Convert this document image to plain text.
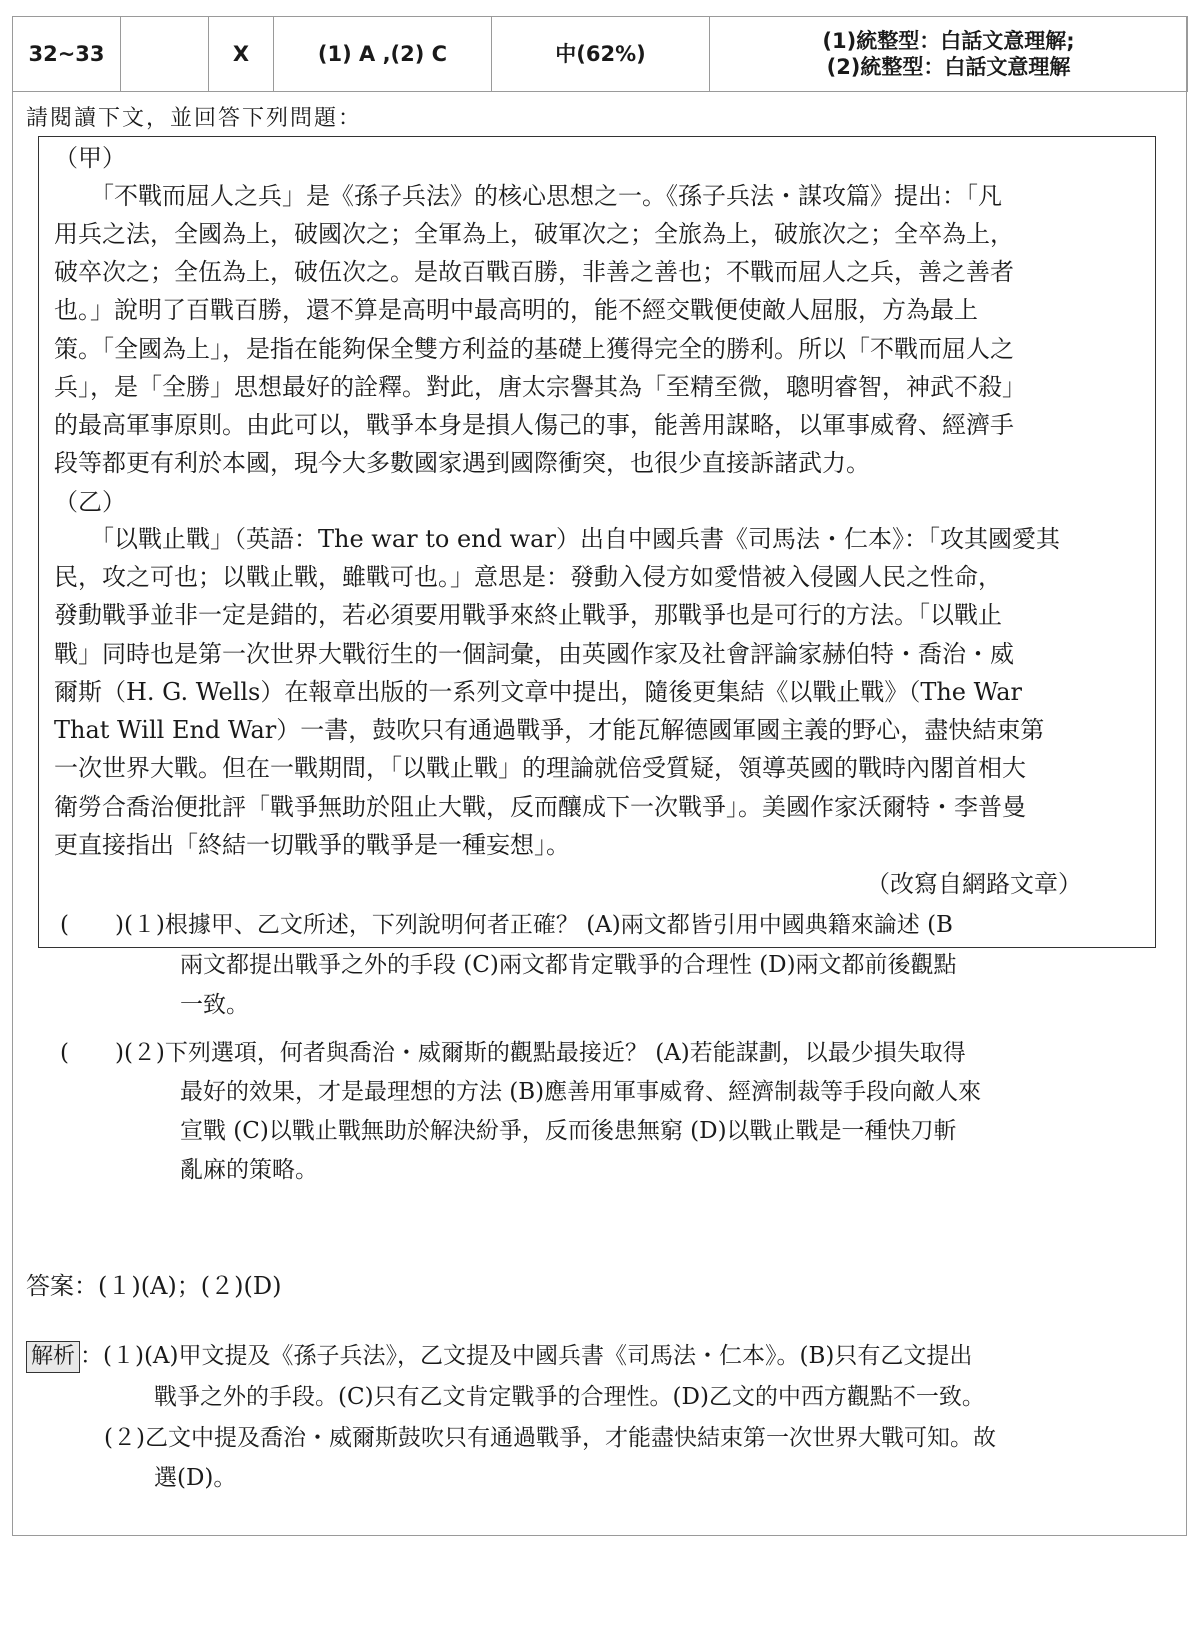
32~33		X	(1) A ,(2) C	中(62%)	
(1)統整型：白話文意理解;
(2)統整型：白話文意理解
請閱讀下文，並回答下列問題：
（甲）
　　「不戰而屈人之兵」是《孫子兵法》的核心思想之一。《孫子兵法・謀攻篇》提出：「凡
用兵之法，全國為上，破國次之；全軍為上，破軍次之；全旅為上，破旅次之；全卒為上，
破卒次之；全伍為上，破伍次之。是故百戰百勝，非善之善也；不戰而屈人之兵，善之善者
也。」說明了百戰百勝，還不算是高明中最高明的，能不經交戰便使敵人屈服，方為最上
策。「全國為上」，是指在能夠保全雙方利益的基礎上獲得完全的勝利。所以「不戰而屈人之
兵」，是「全勝」思想最好的詮釋。對此，唐太宗譽其為「至精至微，聰明睿智，神武不殺」
的最高軍事原則。由此可以，戰爭本身是損人傷己的事，能善用謀略，以軍事威脅、經濟手
段等都更有利於本國，現今大多數國家遇到國際衝突，也很少直接訴諸武力。
（乙）
　　「以戰止戰」（英語：The war to end war）出自中國兵書《司馬法・仁本》：「攻其國愛其
民，攻之可也；以戰止戰，雖戰可也。」意思是：發動入侵方如愛惜被入侵國人民之性命，
發動戰爭並非一定是錯的，若必須要用戰爭來終止戰爭，那戰爭也是可行的方法。「以戰止
戰」同時也是第一次世界大戰衍生的一個詞彙，由英國作家及社會評論家赫伯特・喬治・威
爾斯（H. G. Wells）在報章出版的一系列文章中提出，隨後更集結《以戰止戰》（The War
That Will End War）一書，鼓吹只有通過戰爭，才能瓦解德國軍國主義的野心，盡快結束第
一次世界大戰。但在一戰期間，「以戰止戰」的理論就倍受質疑，領導英國的戰時內閣首相大
衛勞合喬治便批評「戰爭無助於阻止大戰，反而釀成下一次戰爭」。美國作家沃爾特・李普曼
更直接指出「終結一切戰爭的戰爭是一種妄想」。
（改寫自網路文章）
(　　)(１)根據甲、乙文所述，下列說明何者正確？ (A)兩文都皆引用中國典籍來論述 (B
兩文都提出戰爭之外的手段 (C)兩文都肯定戰爭的合理性 (D)兩文都前後觀點
一致。
(　　)(２)下列選項，何者與喬治・威爾斯的觀點最接近？ (A)若能謀劃，以最少損失取得
最好的效果，才是最理想的方法 (B)應善用軍事威脅、經濟制裁等手段向敵人來
宣戰 (C)以戰止戰無助於解決紛爭，反而後患無窮 (D)以戰止戰是一種快刀斬
亂麻的策略。
答案：(１)(A)；(２)(D)
解析 ：(１)(A)甲文提及《孫子兵法》，乙文提及中國兵書《司馬法・仁本》。(B)只有乙文提出
戰爭之外的手段。(C)只有乙文肯定戰爭的合理性。(D)乙文的中西方觀點不一致。
(２)乙文中提及喬治・威爾斯鼓吹只有通過戰爭，才能盡快結束第一次世界大戰可知。故
選(D)。
